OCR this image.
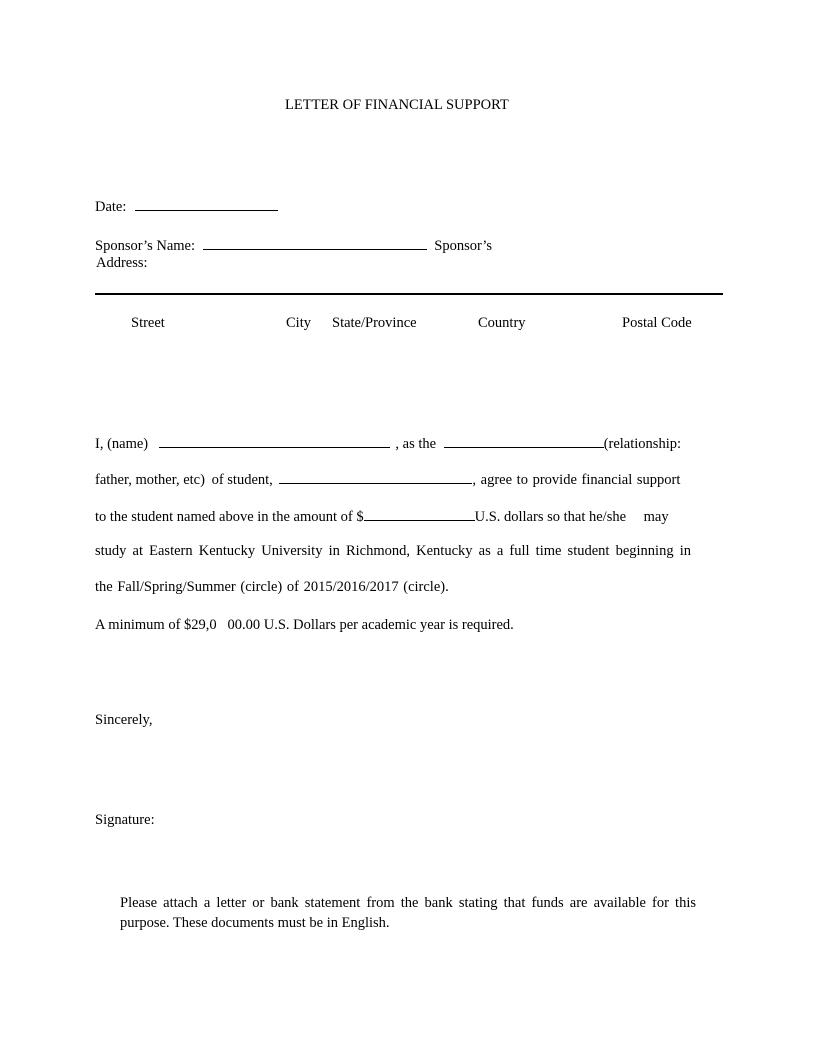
LETTER OF FINANCIAL SUPPORT
Date:
Sponsor’s Name:	Sponsor’s
Address:
Street	City State/Province	Country	Postal Code
I, (name)	, as the	(relationship:
father, mother, etc) of student,	, agree to provide financial support
to the student named above in the amount of $	U.S. dollars so that he/she may
study at Eastern Kentucky University in Richmond, Kentucky as a full time student beginning in
the Fall/Spring/Summer (circle) of 2015/2016/2017 (circle).
A minimum of $29,0   00.00 U.S. Dollars per academic year is required.
Sincerely,
Signature:
Please attach a letter or bank statement from the bank stating that funds are available for this purpose. These documents must be in English.
